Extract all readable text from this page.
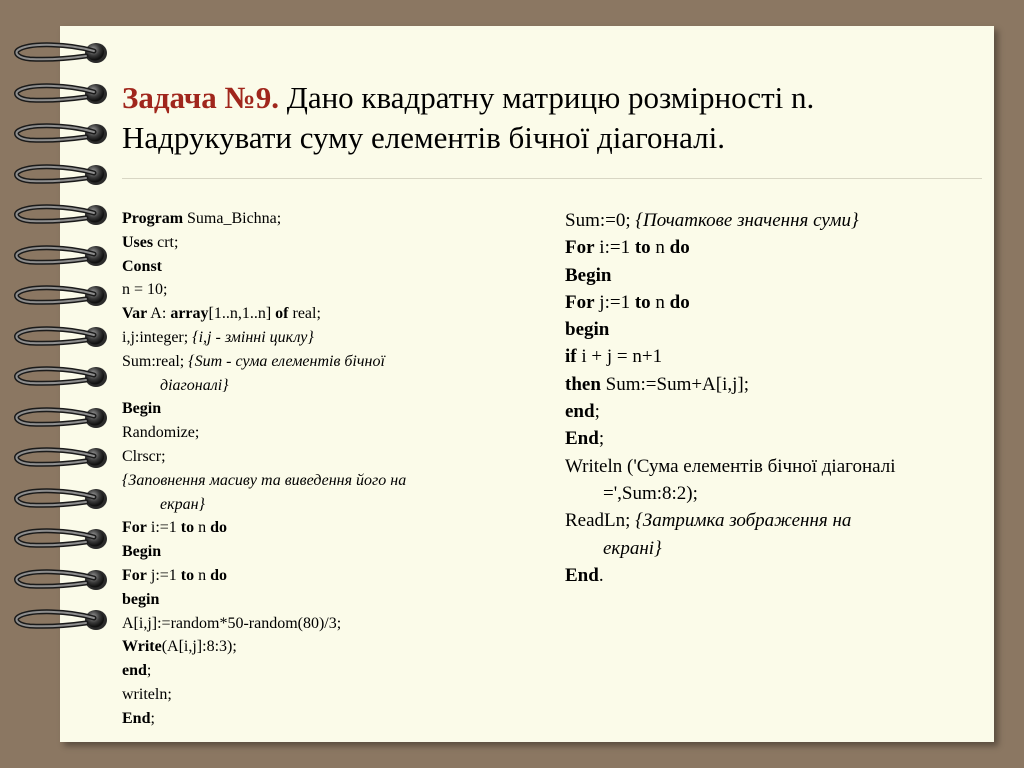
Задача №9. Дано квадратну матрицю розмірності n.
Надрукувати суму елементів бічної діагоналі.

Program Suma_Bichna;

Uses crt;

Const

n = 10;

Var A: array[1..n,1..n] of real;

i,j:integer; {i,j - змінні циклу}

Sum:real; {Sum - сума елементів бічної

діагоналі}

Begin

Randomize;

Clrscr;

{Заповнення масиву та виведення його на

екран}

For i:=1 to n do

Begin

For j:=1 to n do

begin

A[i,j]:=random*50-random(80)/3;

Write(A[i,j]:8:3);

end;

writeln;

End;

Sum:=0; {Початкове значення суми}

For i:=1 to n do

Begin

For j:=1 to n do

begin

if i + j = n+1

then Sum:=Sum+A[i,j];

end;

End;

Writeln ('Сума елементів бічної діагоналі

=',Sum:8:2);

ReadLn; {Затримка зображення на

екрані}

End.
